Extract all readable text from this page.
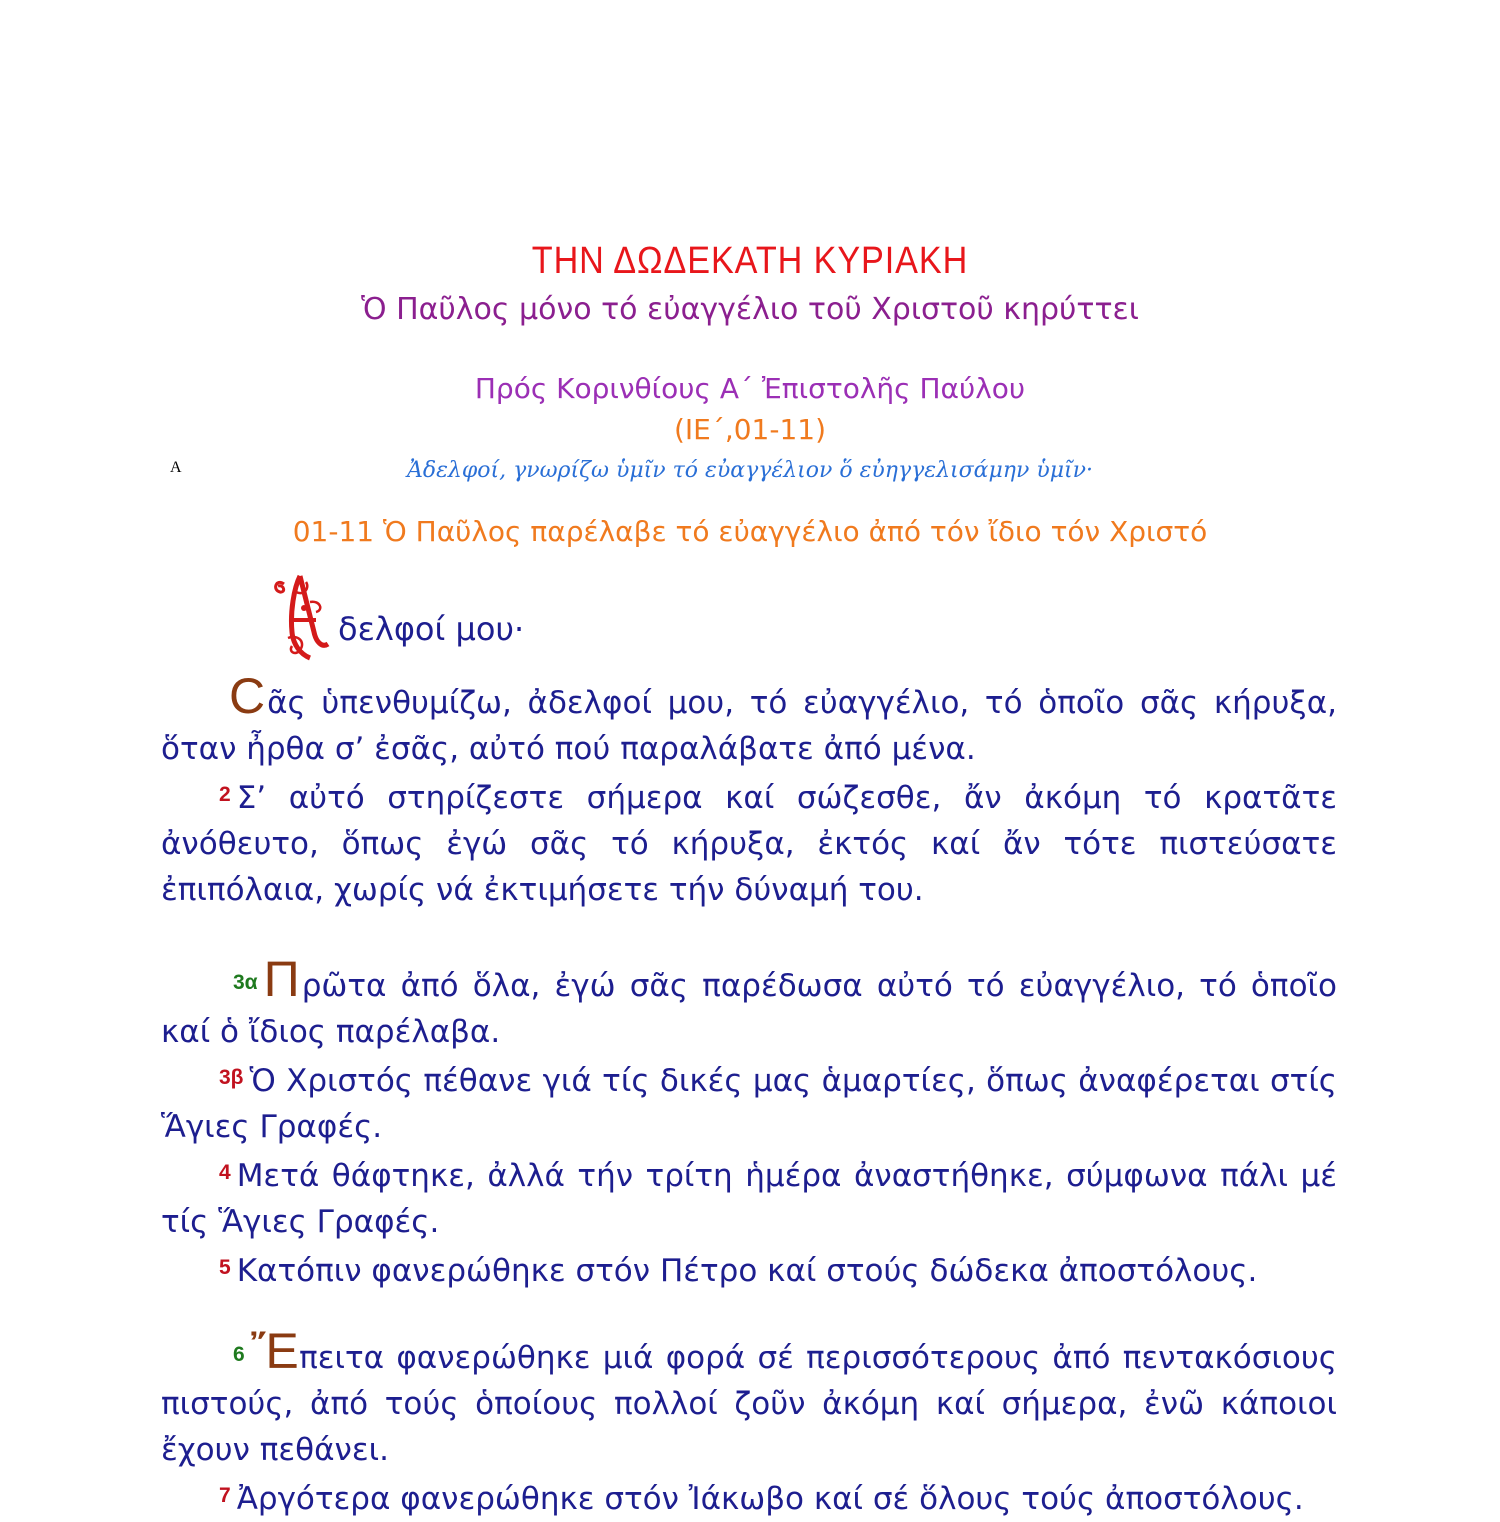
ΤΗΝ ΔΩΔΕΚΑΤΗ ΚΥΡΙΑΚΗ
Ὁ Παῦλος μόνο τό εὐαγγέλιο τοῦ Χριστοῦ κηρύττει
Πρός Κορινθίους Α΄ Ἐπιστολῆς Παύλου
(ΙΕ΄,01-11)
Ἀδελφοί, γνωρίζω ὑμῖν τό εὐαγγέλιον ὅ εὐηγγελισάμην ὑμῖν·
01-11 Ὁ Παῦλος παρέλαβε τό εὐαγγέλιο ἀπό τόν ἴδιο τόν Χριστό
Α
δελφοί μου·

Cᾶς ὑπενθυμίζω, ἀδελφοί μου, τό εὐαγγέλιο, τό ὁποῖο σᾶς κήρυξα, ὅταν ἦρθα σ’ ἐσᾶς, αὐτό πού παραλάβατε ἀπό μένα.

$^2$ Σ’ αὐτό στηρίζεστε σήμερα καί σώζεσθε, ἄν ἀκόμη τό κρατᾶτε ἀνόθευτο, ὅπως ἐγώ σᾶς τό κήρυξα, ἐκτός καί ἄν τότε πιστεύσατε ἐπιπόλαια, χωρίς νά ἐκτιμήσετε τήν δύναμή του.

$^{3\alpha}$ Πρῶτα ἀπό ὅλα, ἐγώ σᾶς παρέδωσα αὐτό τό εὐαγγέλιο, τό ὁποῖο καί ὁ ἴδιος παρέλαβα.

$^{3\beta}$ Ὁ Χριστός πέθανε γιά τίς δικές μας ἁμαρτίες, ὅπως ἀναφέρεται στίς Ἅγιες Γραφές.

$^4$ Μετά θάφτηκε, ἀλλά τήν τρίτη ἡμέρα ἀναστήθηκε, σύμφωνα πάλι μέ τίς Ἅγιες Γραφές.

$^5$ Κατόπιν φανερώθηκε στόν Πέτρο καί στούς δώδεκα ἀποστόλους.

$^6$ Ἔπειτα φανερώθηκε μιά φορά σέ περισσότερους ἀπό πεντακόσιους πιστούς, ἀπό τούς ὁποίους πολλοί ζοῦν ἀκόμη καί σήμερα, ἐνῶ κάποιοι ἔχουν πεθάνει.

$^7$ Ἀργότερα φανερώθηκε στόν Ἰάκωβο καί σέ ὅλους τούς ἀποστόλους.
